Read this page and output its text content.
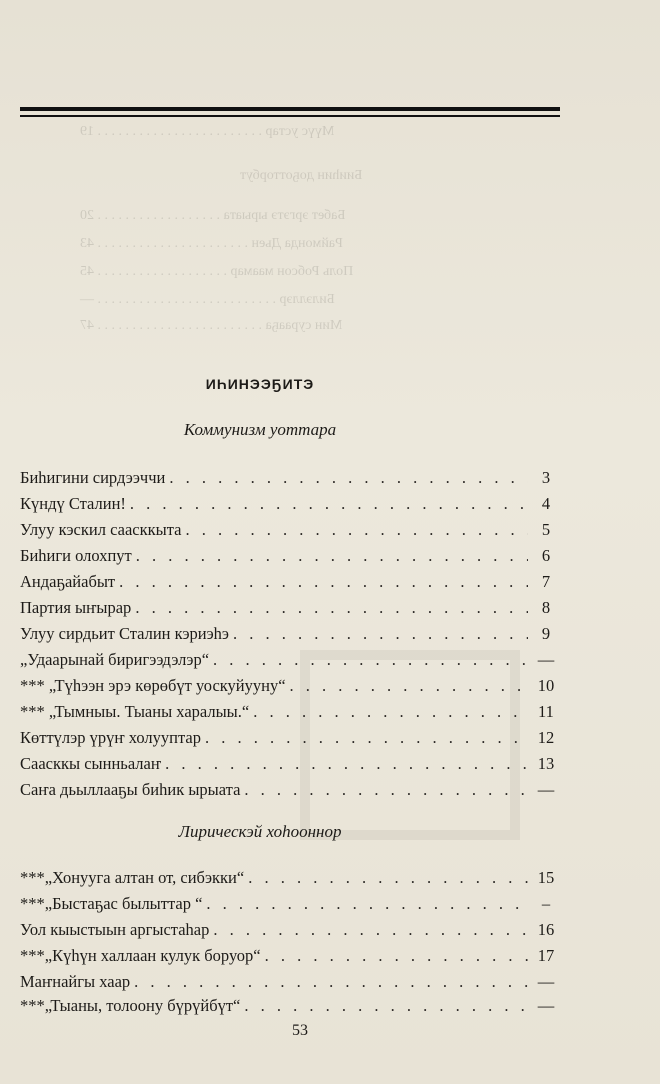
Мүүс устар . . . . . . . . . . . . . . . . . . . . . . . . 19
Бииһин доҕотторбут
Бабет эргэтэ ырыата . . . . . . . . . . . . . . . . . . 20
Раймонда Дьен . . . . . . . . . . . . . . . . . . . . . . 43
Поль Робсон маамар . . . . . . . . . . . . . . . . . . . 45
Билэллэр . . . . . . . . . . . . . . . . . . . . . . . . . . —
Мин сурааҕа . . . . . . . . . . . . . . . . . . . . . . . . 47
ИҺИНЭЭҔИТЭ
Коммунизм уоттара
Биһигини сирдээччи . . .	3
Күндү Сталин! . . .	4
Улуу кэскил саасккыта . . .	5
Биһиги олохпут . . .	6
Андаҕайабыт . . .	7
Партия ыҥырар . . .	8
Улуу сирдьит Сталин кэриэһэ . . .	9
„Удаарынай биригээдэлэр“ . . .	—
*** „Түһээн эрэ көрөбүт уоскуйууну“ . . .	10
*** „Тымныы. Тыаны харалыы.“ . . .	11
Көттүлэр үрүҥ холууптар . . .	12
Саасккы сынньалаҥ . . .	13
Саҥа дьыллааҕы биһик ырыата . . .	—
Лирическэй хоһооннор
***„Хонууга алтан от, сибэкки“ . . .	15
***„Быстаҕас былыттар “ . . .	–
Уол кыыстыын аргыстаһар . . .	16
***„Күһүн халлаан кулук боруор“ . . .	17
Маҥнайгы хаар . . .	—
***„Тыаны, толоону бүрүйбүт“ . . .	—
53
